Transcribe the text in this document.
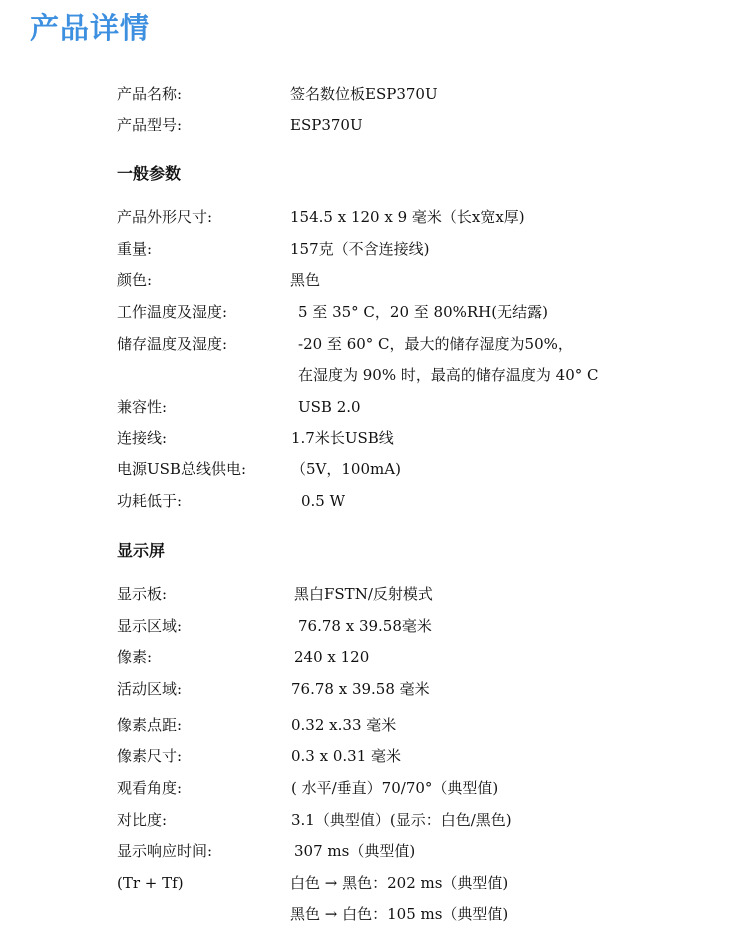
产品详情
产品名称:	签名数位板ESP370U
产品型号:	ESP370U
一般参数
产品外形尺寸:	154.5 x 120 x 9 毫米（长x宽x厚)
重量:	157克（不含连接线)
颜色:	黑色
工作温度及湿度:	5 至 35° C，20 至 80%RH(无结露)
储存温度及湿度:	-20 至 60° C，最大的储存湿度为50%，
在湿度为 90% 时，最高的储存温度为 40° C
兼容性:	USB 2.0
连接线:	1.7米长USB线
电源USB总线供电:	（5V，100mA)
功耗低于:	0.5 W
显示屏
显示板:	黑白FSTN/反射模式
显示区域:	76.78 x 39.58毫米
像素:	240 x 120
活动区域:	76.78 x 39.58 毫米
像素点距:	0.32 x.33 毫米
像素尺寸:	0.3 x 0.31 毫米
观看角度:	( 水平/垂直）70/70°（典型值)
对比度:	3.1（典型值）(显示：白色/黑色)
显示响应时间:	307 ms（典型值)
(Tr + Tf)	白色 → 黑色：202 ms（典型值)
黑色 → 白色：105 ms（典型值)
